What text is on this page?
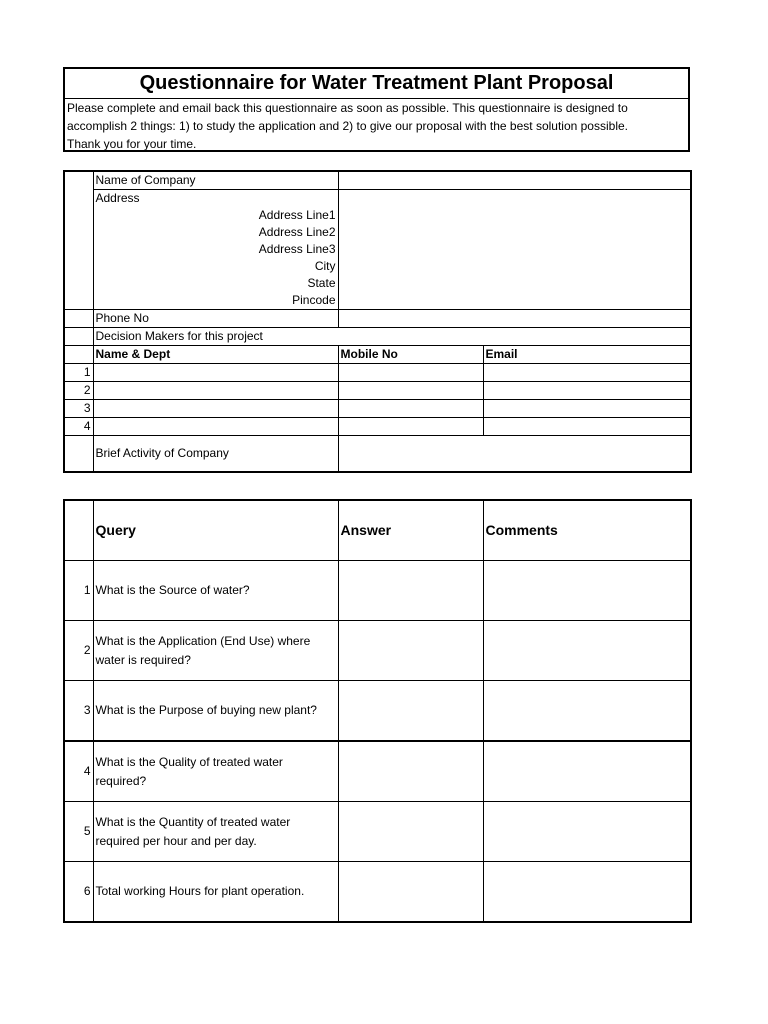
Questionnaire for Water Treatment Plant Proposal
Please complete and email back this questionnaire as soon as possible. This questionnaire is designed to
accomplish 2 things: 1) to study the application and 2) to give our proposal with the best solution possible.
Thank you for your time.
	Name of Company		
	Address		
	Address Line1		
	Address Line2		
	Address Line3		
	City		
	State		
	Pincode		
	Phone No		
	Decision Makers for this project		
	Name & Dept	Mobile No	Email
1			
2			
3			
4			
	Brief Activity of Company		
	Query	Answer	Comments
1	What is the Source of water?		
2	What is the Application (End Use) where water is required?		
3	What is the Purpose of buying new plant?		
4	What is the Quality of treated water required?		
5	What is the Quantity of treated water required per hour and per day.		
6	Total working Hours for plant operation.		
